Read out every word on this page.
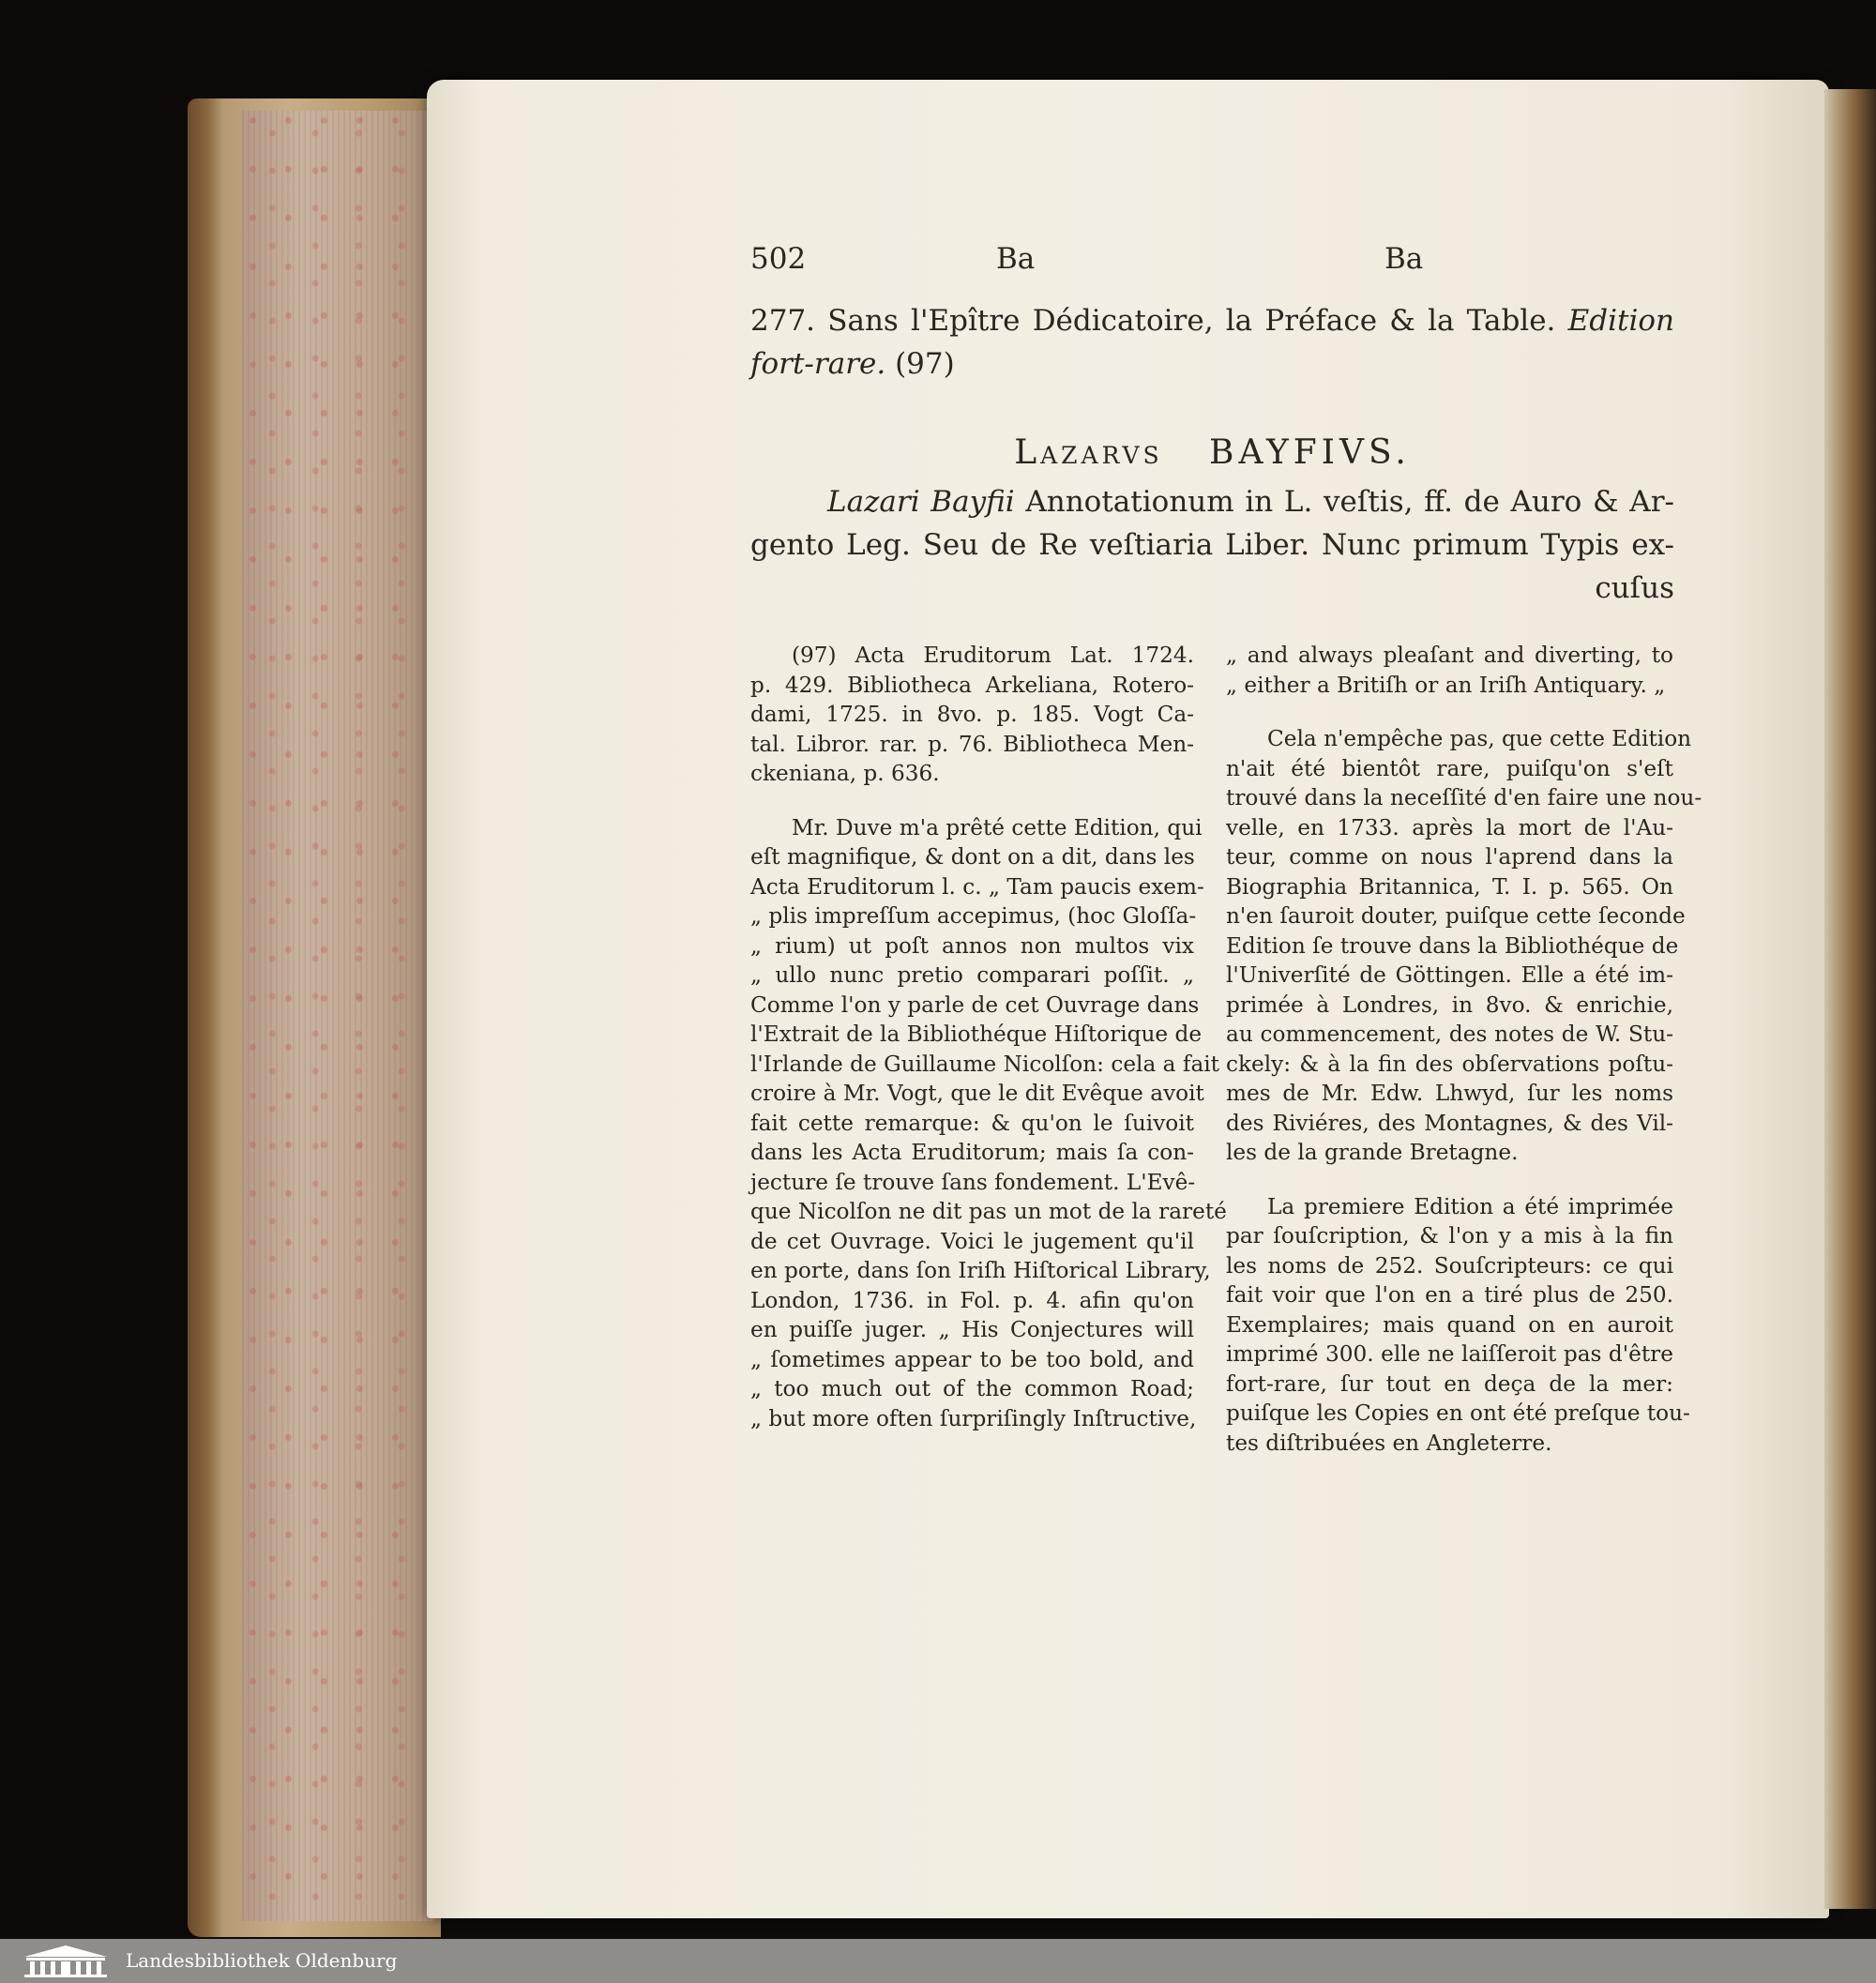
502	Ba	Ba
277. Sans l'Epître Dédicatoire, la Préface & la Table. Edition
fort-rare. (97)
Lazarvs BAYFIVS.
Lazari Bayfii Annotationum in L. veſtis, ff. de Auro & Ar-
gento Leg. Seu de Re veſtiaria Liber. Nunc primum Typis ex-
cuſus
(97) Acta Eruditorum Lat. 1724.
p. 429. Bibliotheca Arkeliana, Rotero-
dami, 1725. in 8vo. p. 185. Vogt Ca-
tal. Libror. rar. p. 76. Bibliotheca Men-
ckeniana, p. 636.
Mr. Duve m'a prêté cette Edition, qui
eſt magnifique, & dont on a dit, dans les
Acta Eruditorum l. c. „ Tam paucis exem-
„ plis impreſſum accepimus, (hoc Gloſſa-
„ rium) ut poſt annos non multos vix
„ ullo nunc pretio comparari poſſit. „
Comme l'on y parle de cet Ouvrage dans
l'Extrait de la Bibliothéque Hiſtorique de
l'Irlande de Guillaume Nicolſon: cela a fait
croire à Mr. Vogt, que le dit Evêque avoit
fait cette remarque: & qu'on le ſuivoit
dans les Acta Eruditorum; mais ſa con-
jecture ſe trouve ſans fondement. L'Evê-
que Nicolſon ne dit pas un mot de la rareté
de cet Ouvrage. Voici le jugement qu'il
en porte, dans ſon Iriſh Hiſtorical Library,
London, 1736. in Fol. p. 4. afin qu'on
en puiſſe juger. „ His Conjectures will
„ ſometimes appear to be too bold, and
„ too much out of the common Road;
„ but more often ſurpriſingly Inſtructive,
„ and always pleaſant and diverting, to
„ either a Britiſh or an Iriſh Antiquary. „
Cela n'empêche pas, que cette Edition
n'ait été bientôt rare, puiſqu'on s'eſt
trouvé dans la neceſſité d'en faire une nou-
velle, en 1733. après la mort de l'Au-
teur, comme on nous l'aprend dans la
Biographia Britannica, T. I. p. 565. On
n'en ſauroit douter, puiſque cette ſeconde
Edition ſe trouve dans la Bibliothéque de
l'Univerſité de Göttingen. Elle a été im-
primée à Londres, in 8vo. & enrichie,
au commencement, des notes de W. Stu-
ckely: & à la fin des obſervations poſtu-
mes de Mr. Edw. Lhwyd, ſur les noms
des Riviéres, des Montagnes, & des Vil-
les de la grande Bretagne.
La premiere Edition a été imprimée
par ſouſcription, & l'on y a mis à la fin
les noms de 252. Souſcripteurs: ce qui
fait voir que l'on en a tiré plus de 250.
Exemplaires; mais quand on en auroit
imprimé 300. elle ne laiſſeroit pas d'être
fort-rare, ſur tout en deça de la mer:
puiſque les Copies en ont été preſque tou-
tes diſtribuées en Angleterre.
Landesbibliothek Oldenburg
